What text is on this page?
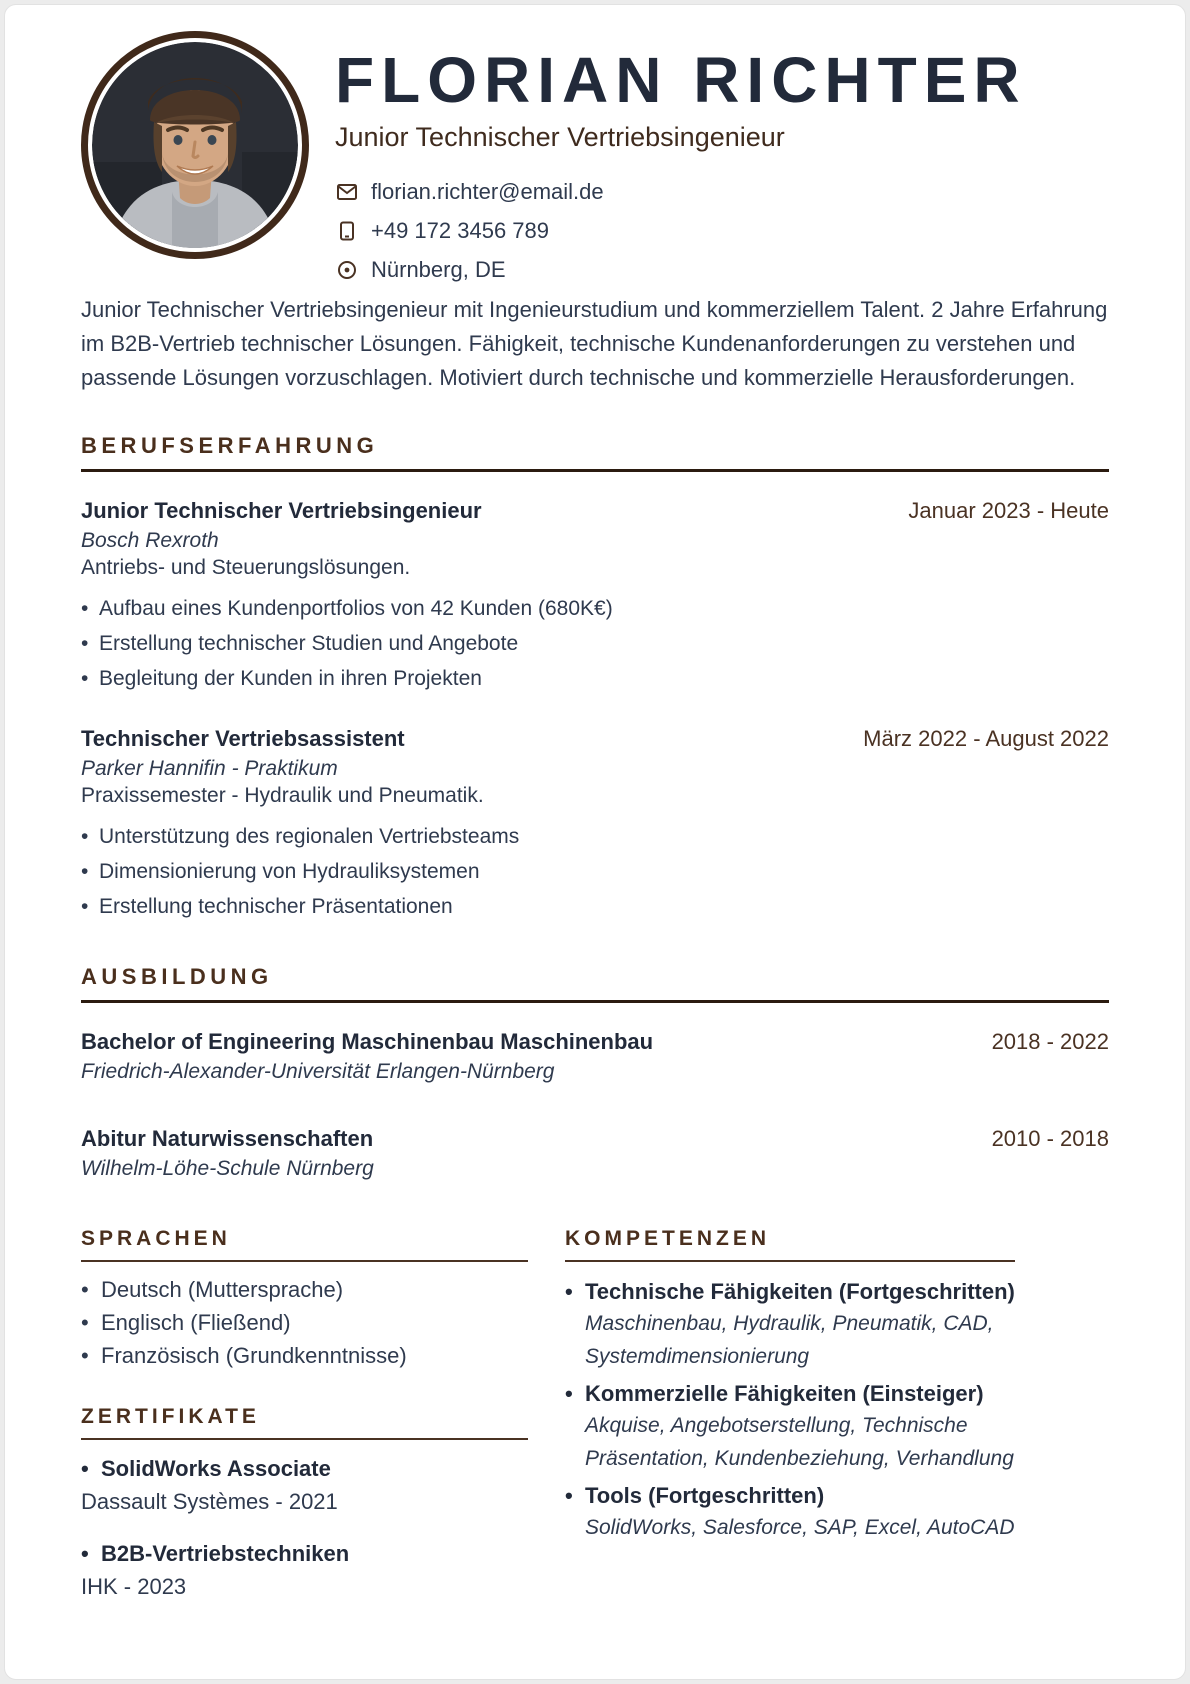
FLORIAN RICHTER
Junior Technischer Vertriebsingenieur
florian.richter@email.de
+49 172 3456 789
Nürnberg, DE
Junior Technischer Vertriebsingenieur mit Ingenieurstudium und kommerziellem Talent. 2 Jahre Erfahrung im B2B-Vertrieb technischer Lösungen. Fähigkeit, technische Kundenanforderungen zu verstehen und passende Lösungen vorzuschlagen. Motiviert durch technische und kommerzielle Herausforderungen.
BERUFSERFAHRUNG
Junior Technischer Vertriebsingenieur	Januar 2023 - Heute
Bosch Rexroth
Antriebs- und Steuerungslösungen.
• Aufbau eines Kundenportfolios von 42 Kunden (680K€)
• Erstellung technischer Studien und Angebote
• Begleitung der Kunden in ihren Projekten
Technischer Vertriebsassistent	März 2022 - August 2022
Parker Hannifin - Praktikum
Praxissemester - Hydraulik und Pneumatik.
• Unterstützung des regionalen Vertriebsteams
• Dimensionierung von Hydrauliksystemen
• Erstellung technischer Präsentationen
AUSBILDUNG
Bachelor of Engineering Maschinenbau Maschinenbau	2018 - 2022
Friedrich-Alexander-Universität Erlangen-Nürnberg
Abitur Naturwissenschaften	2010 - 2018
Wilhelm-Löhe-Schule Nürnberg
SPRACHEN
• Deutsch (Muttersprache)
• Englisch (Fließend)
• Französisch (Grundkenntnisse)
ZERTIFIKATE
• SolidWorks Associate
Dassault Systèmes - 2021
• B2B-Vertriebstechniken
IHK - 2023
KOMPETENZEN
• Technische Fähigkeiten (Fortgeschritten)
Maschinenbau, Hydraulik, Pneumatik, CAD, Systemdimensionierung
• Kommerzielle Fähigkeiten (Einsteiger)
Akquise, Angebotserstellung, Technische Präsentation, Kundenbeziehung, Verhandlung
• Tools (Fortgeschritten)
SolidWorks, Salesforce, SAP, Excel, AutoCAD
